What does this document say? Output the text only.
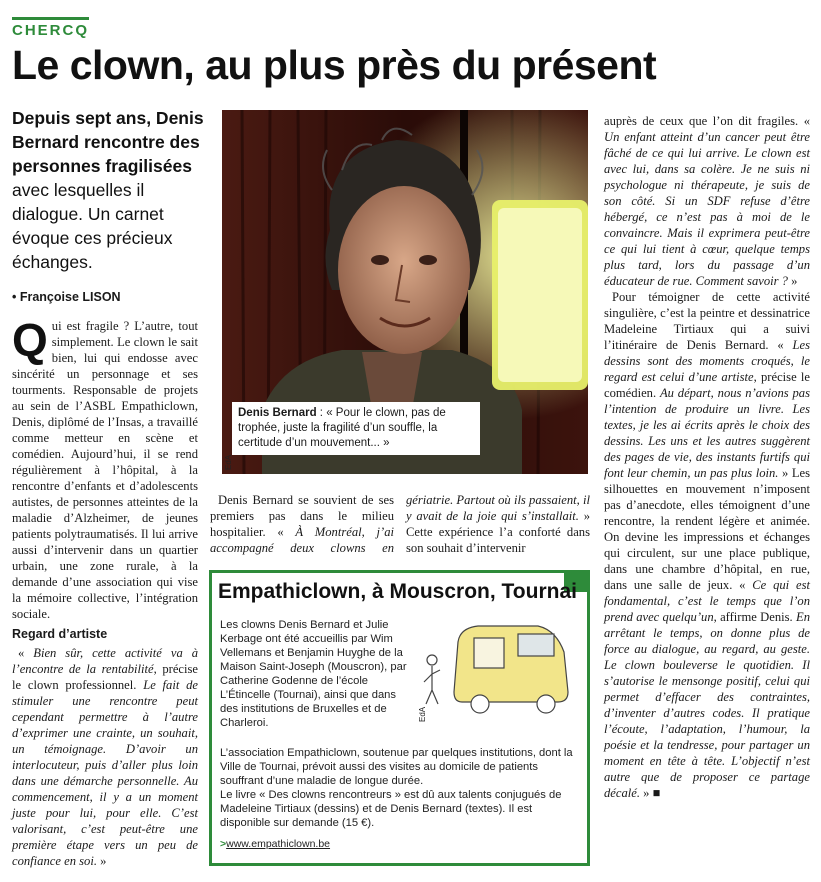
CHERCQ
Le clown, au plus près du présent
Depuis sept ans, Denis Bernard rencontre des personnes fragilisées avec lesquelles il dialogue. Un carnet évoque ces précieux échanges.
• Françoise LISON

Qui est fragile ? L’autre, tout simplement. Le clown le sait bien, lui qui endosse avec sincérité un personnage et ses tourments. Responsable de projets au sein de l’ASBL Empathiclown, Denis, diplômé de l’Insas, a travaillé comme metteur en scène et comédien. Aujourd’hui, il se rend régulièrement à l’hôpital, à la rencontre d’enfants et d’adolescents autistes, de personnes atteintes de la maladie d’Alzheimer, de jeunes patients polytraumatisés. Il lui arrive aussi d’intervenir dans un quartier urbain, une zone rurale, à la demande d’une association qui vise la mémoire collective, l’intégration sociale.

Regard d’artiste

« Bien sûr, cette activité va à l’encontre de la rentabilité, précise le clown professionnel. Le fait de stimuler une rencontre peut cependant permettre à l’autre d’exprimer une crainte, un souhait, un témoignage. D’avoir un interlocuteur, puis d’aller plus loin dans une démarche personnelle. Au commencement, il y a un moment juste pour lui, pour elle. C’est valorisant, c’est peut-être une première étape vers un peu de confiance en soi. »

EdA
Denis Bernard : « Pour le clown, pas de trophée, juste la fragilité d’un souffle, la certitude d’un mouvement... »

Denis Bernard se souvient de ses premiers pas dans le milieu hospitalier. « À Montréal, j’ai accompagné deux clowns en gériatrie. Partout où ils passaient, il y avait de la joie qui s’installait. » Cette expérience l’a conforté dans son souhait d’intervenir

auprès de ceux que l’on dit fragiles. « Un enfant atteint d’un cancer peut être fâché de ce qui lui arrive. Le clown est avec lui, dans sa colère. Je ne suis ni psychologue ni thérapeute, je suis de son côté. Si un SDF refuse d’être hébergé, ce n’est pas à moi de le convaincre. Mais il exprimera peut-être ce qui lui tient à cœur, quelque temps plus tard, lors du passage d’un éducateur de rue. Comment savoir ? »

Pour témoigner de cette activité singulière, c’est la peintre et dessinatrice Madeleine Tirtiaux qui a suivi l’itinéraire de Denis Bernard. « Les dessins sont des moments croqués, le regard est celui d’une artiste, précise le comédien. Au départ, nous n’avions pas l’intention de produire un livre. Les textes, je les ai écrits après le choix des dessins. Les uns et les autres suggèrent des pages de vie, des instants furtifs qui font leur chemin, un pas plus loin. » Les silhouettes en mouvement n’imposent pas d’anecdote, elles témoignent d’une rencontre, la rendent légère et animée. On devine les impressions et échanges qui circulent, sur une place publique, dans une chambre d’hôpital, en rue, dans une salle de jeux. « Ce qui est fondamental, c’est le temps que l’on prend avec quelqu’un, affirme Denis. En arrêtant le temps, on donne plus de force au dialogue, au regard, au geste. Le clown bouleverse le quotidien. Il s’autorise le mensonge positif, celui qui permet d’effacer des contraintes, d’inventer d’autres codes. Il pratique l’écoute, l’adaptation, l’humour, la poésie et la tendresse, pour partager un moment en tête à tête. L’objectif n’est autre que de proposer ce partage décalé. » ■

Empathiclown, à Mouscron, Tournai

Les clowns Denis Bernard et Julie Kerbage ont été accueillis par Wim Vellemans et Benjamin Huyghe de la Maison Saint-Joseph (Mouscron), par Catherine Godenne de l’école L’Étincelle (Tournai), ainsi que dans des institutions de Bruxelles et de Charleroi.

EdA

L’association Empathiclown, soutenue par quelques institutions, dont la Ville de Tournai, prévoit aussi des visites au domicile de patients souffrant d’une maladie de longue durée.

Le livre « Des clowns rencontreurs » est dû aux talents conjugués de Madeleine Tirtiaux (dessins) et de Denis Bernard (textes). Il est disponible sur demande (15 €).

>www.empathiclown.be
